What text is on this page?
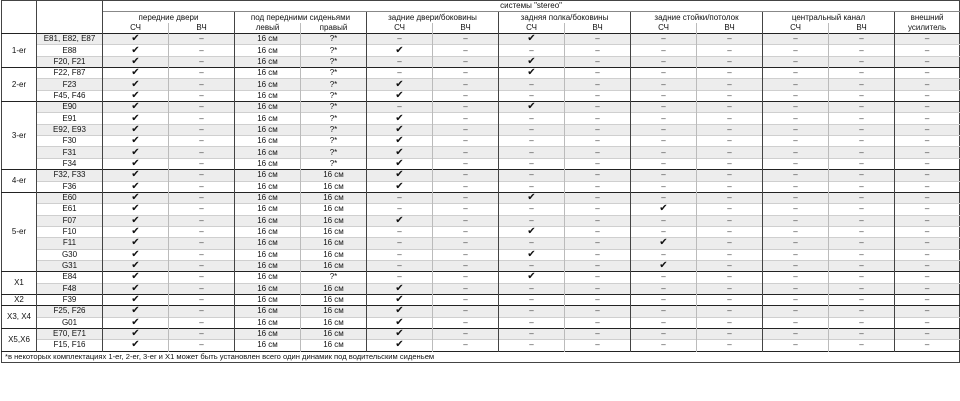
		системы "stereo"												
		передние двери		под передними сиденьями		задние двери/боковины		задняя полка/боковины		задние стойки/потолок		центральный канал		внешний
		СЧ	ВЧ	левый	правый	СЧ	ВЧ	СЧ	ВЧ	СЧ	ВЧ	СЧ	ВЧ	усилитель
1-er	E81, E82, E87	✔	–	16 см	?*	–	–	✔	–	–	–	–	–	–
	E88	✔	–	16 см	?*	✔	–	–	–	–	–	–	–	–
	F20, F21	✔	–	16 см	?*	–	–	✔	–	–	–	–	–	–
2-er	F22, F87	✔	–	16 см	?*	–	–	✔	–	–	–	–	–	–
	F23	✔	–	16 см	?*	✔	–	–	–	–	–	–	–	–
	F45, F46	✔	–	16 см	?*	✔	–	–	–	–	–	–	–	–
3-er	E90	✔	–	16 см	?*	–	–	✔	–	–	–	–	–	–
	E91	✔	–	16 см	?*	✔	–	–	–	–	–	–	–	–
	E92, E93	✔	–	16 см	?*	✔	–	–	–	–	–	–	–	–
	F30	✔	–	16 см	?*	✔	–	–	–	–	–	–	–	–
	F31	✔	–	16 см	?*	✔	–	–	–	–	–	–	–	–
	F34	✔	–	16 см	?*	✔	–	–	–	–	–	–	–	–
4-er	F32, F33	✔	–	16 см	16 см	✔	–	–	–	–	–	–	–	–
	F36	✔	–	16 см	16 см	✔	–	–	–	–	–	–	–	–
5-er	E60	✔	–	16 см	16 см	–	–	✔	–	–	–	–	–	–
	E61	✔	–	16 см	16 см	–	–	–	–	✔	–	–	–	–
	F07	✔	–	16 см	16 см	✔	–	–	–	–	–	–	–	–
	F10	✔	–	16 см	16 см	–	–	✔	–	–	–	–	–	–
	F11	✔	–	16 см	16 см	–	–	–	–	✔	–	–	–	–
	G30	✔	–	16 см	16 см	–	–	✔	–	–	–	–	–	–
	G31	✔	–	16 см	16 см	–	–	–	–	✔	–	–	–	–
X1	E84	✔	–	16 см	?*	–	–	✔	–	–	–	–	–	–
	F48	✔	–	16 см	16 см	✔	–	–	–	–	–	–	–	–
X2	F39	✔	–	16 см	16 см	✔	–	–	–	–	–	–	–	–
X3, X4	F25, F26	✔	–	16 см	16 см	✔	–	–	–	–	–	–	–	–
	G01	✔	–	16 см	16 см	✔	–	–	–	–	–	–	–	–
X5,X6	E70, E71	✔	–	16 см	16 см	✔	–	–	–	–	–	–	–	–
	F15, F16	✔	–	16 см	16 см	✔	–	–	–	–	–	–	–	–
*в некоторых комплектациях 1-er, 2-er, 3-er и X1 может быть установлен всего один динамик под водительским сиденьем														
